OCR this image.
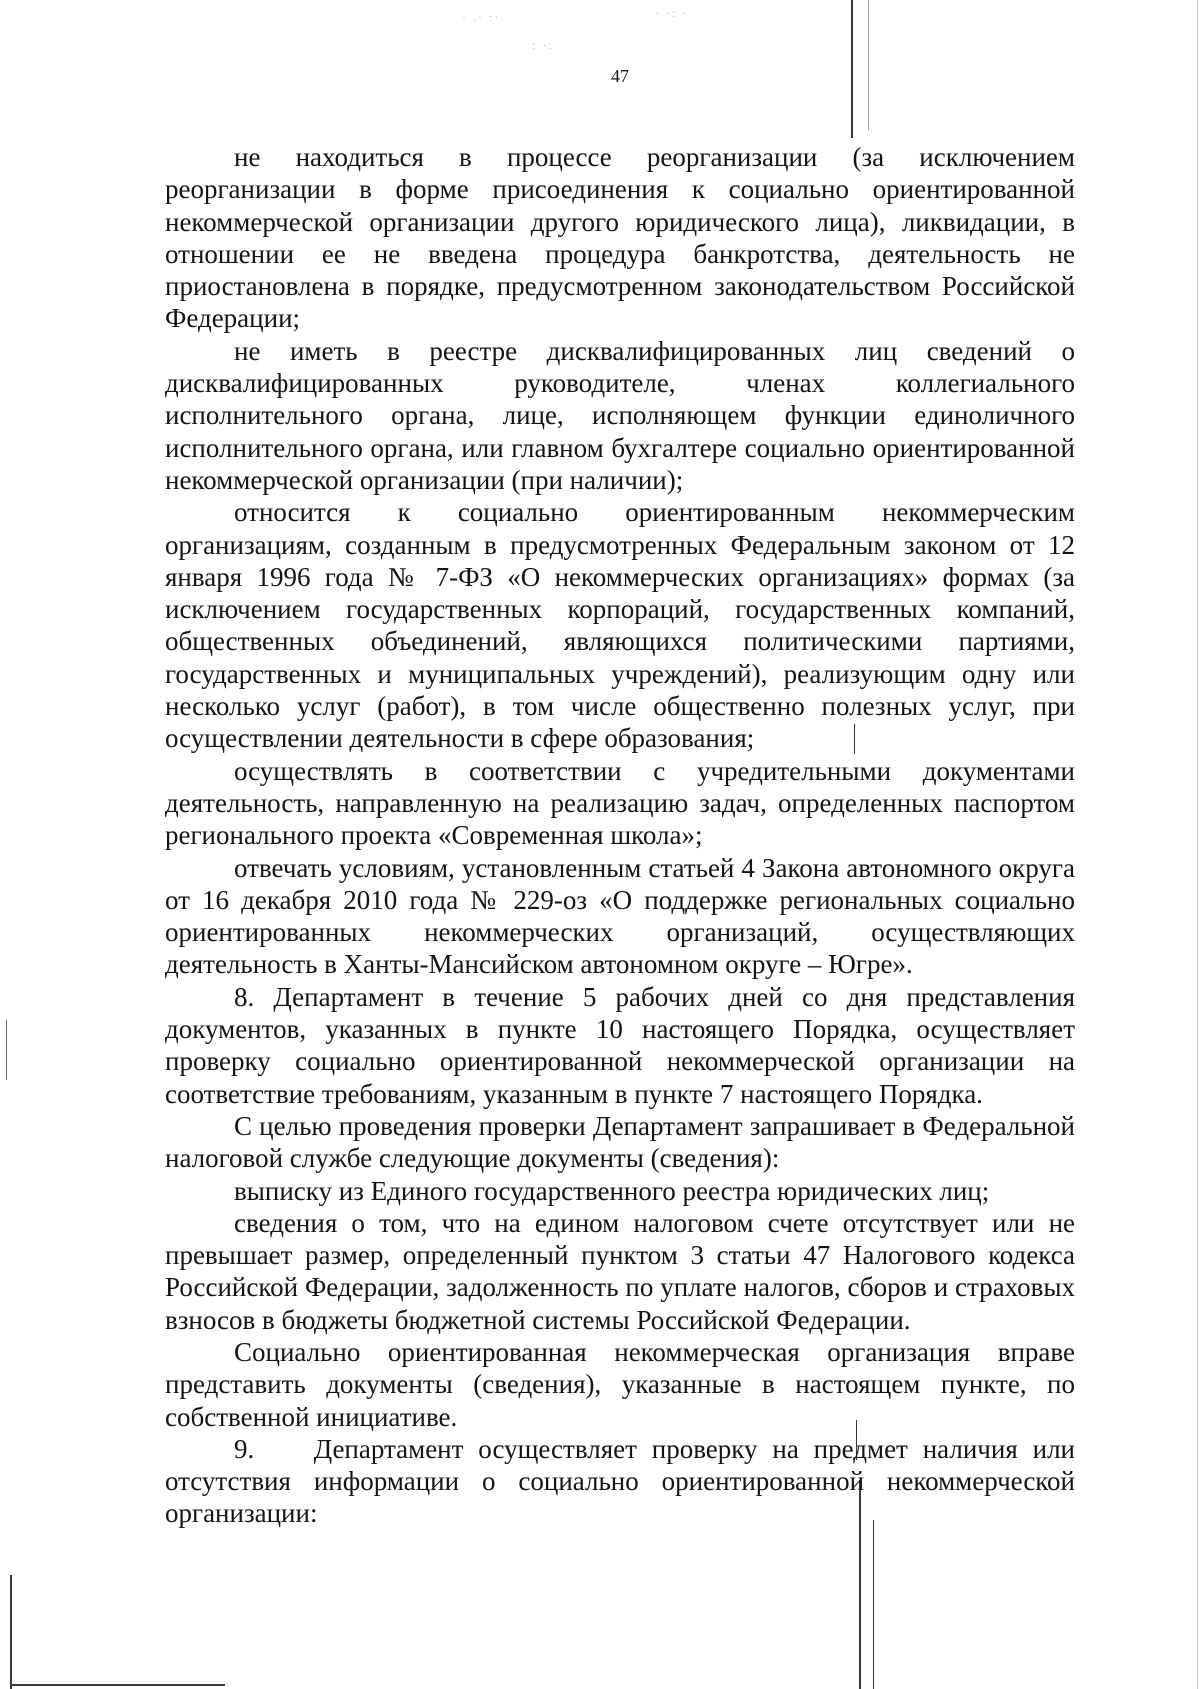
· .· :·	· ·: ·
: ·:
47

не находиться в процессе реорганизации (за исключением реорганизации в форме присоединения к социально ориентированной некоммерческой организации другого юридического лица), ликвидации, в отношении ее не введена процедура банкротства, деятельность не приостановлена в порядке, предусмотренном законодательством Российской Федерации;

не иметь в реестре дисквалифицированных лиц сведений о дисквалифицированных руководителе, членах коллегиального исполнительного органа, лице, исполняющем функции единоличного исполнительного органа, или главном бухгалтере социально ориентированной некоммерческой организации (при наличии);

относится к социально ориентированным некоммерческим организациям, созданным в предусмотренных Федеральным законом от 12 января 1996 года № 7-ФЗ «О некоммерческих организациях» формах (за исключением государственных корпораций, государственных компаний, общественных объединений, являющихся политическими партиями, государственных и муниципальных учреждений), реализующим одну или несколько услуг (работ), в том числе общественно полезных услуг, при осуществлении деятельности в сфере образования;

осуществлять в соответствии с учредительными документами деятельность, направленную на реализацию задач, определенных паспортом регионального проекта «Современная школа»;

отвечать условиям, установленным статьей 4 Закона автономного округа от 16 декабря 2010 года № 229-оз «О поддержке региональных социально ориентированных некоммерческих организаций, осуществляющих деятельность в Ханты-Мансийском автономном округе – Югре».

8. Департамент в течение 5 рабочих дней со дня представления документов, указанных в пункте 10 настоящего Порядка, осуществляет проверку социально ориентированной некоммерческой организации на соответствие требованиям, указанным в пункте 7 настоящего Порядка.

С целью проведения проверки Департамент запрашивает в Федеральной налоговой службе следующие документы (сведения):

выписку из Единого государственного реестра юридических лиц;

сведения о том, что на едином налоговом счете отсутствует или не превышает размер, определенный пунктом 3 статьи 47 Налогового кодекса Российской Федерации, задолженность по уплате налогов, сборов и страховых взносов в бюджеты бюджетной системы Российской Федерации.

Социально ориентированная некоммерческая организация вправе представить документы (сведения), указанные в настоящем пункте, по собственной инициативе.

9.    Департамент осуществляет проверку на предмет наличия или отсутствия информации о социально ориентированной некоммерческой организации:
